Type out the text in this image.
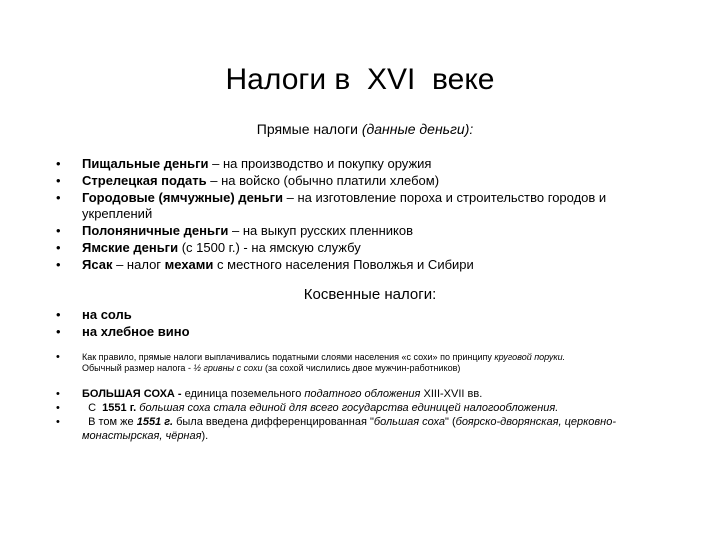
Налоги в  XVI  веке
Прямые налоги (данные деньги):
• Пищальные деньги – на производство и покупку оружия
• Стрелецкая подать – на войско (обычно платили хлебом)
• Городовые (ямчужные) деньги – на изготовление пороха и строительство городов и укреплений
• Полоняничные деньги – на выкуп русских пленников
• Ямские деньги (с 1500 г.) - на ямскую службу
• Ясак – налог мехами с местного населения Поволжья и Сибири
Косвенные налоги:
• на соль
• на хлебное вино
• Как правило, прямые налоги выплачивались податными слоями населения «с сохи» по принципу круговой поруки.
Обычный размер налога - ½ гривны с сохи (за сохой числились двое мужчин-работников)
• БОЛЬШАЯ СОХА - единица поземельного податного обложения XIII-XVII вв.
• С  1551 г. большая соха стала единой для всего государства единицей налогообложения.
• В том же 1551 г. была введена дифференцированная "большая соха" (боярско-дворянская, церковно-монастырская, чёрная).
